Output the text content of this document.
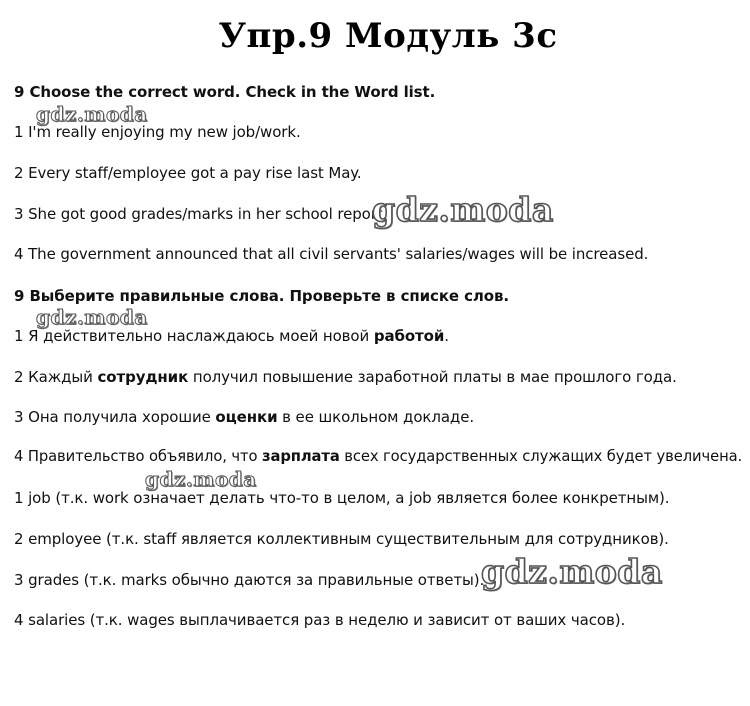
Упр.9 Модуль 3с
9 Choose the correct word. Check in the Word list.
1 I'm really enjoying my new job/work.
2 Every staff/employee got a pay rise last May.
3 She got good grades/marks in her school report.
4 The government announced that all civil servants' salaries/wages will be increased.
9 Выберите правильные слова. Проверьте в списке слов.
1 Я действительно наслаждаюсь моей новой работой.
2 Каждый сотрудник получил повышение заработной платы в мае прошлого года.
3 Она получила хорошие оценки в ее школьном докладе.
4 Правительство объявило, что зарплата всех государственных служащих будет увеличена.
1 job (т.к. work означает делать что-то в целом, а job является более конкретным).
2 employee (т.к. staff является коллективным существительным для сотрудников).
3 grades (т.к. marks обычно даются за правильные ответы).
4 salaries (т.к. wages выплачивается раз в неделю и зависит от ваших часов).
gdz.moda
gdz.moda
gdz.moda
gdz.moda
gdz.moda
